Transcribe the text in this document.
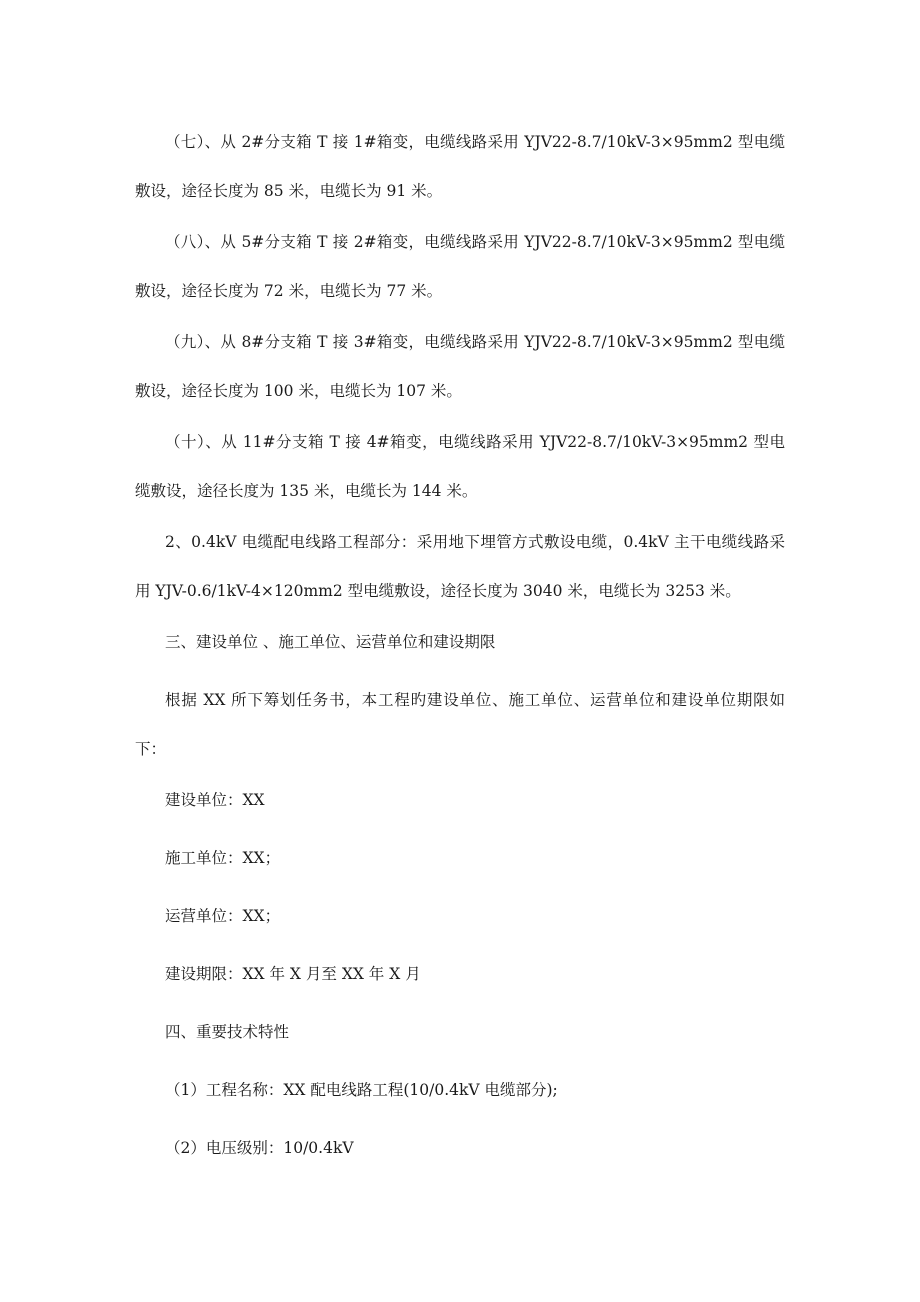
（七）、从 2#分支箱 T 接 1#箱变，电缆线路采用 YJV22-8.7/10kV-3×95mm2 型电缆敷设，途径长度为 85 米，电缆长为 91 米。

（八）、从 5#分支箱 T 接 2#箱变，电缆线路采用 YJV22-8.7/10kV-3×95mm2 型电缆敷设，途径长度为 72 米，电缆长为 77 米。

（九）、从 8#分支箱 T 接 3#箱变，电缆线路采用 YJV22-8.7/10kV-3×95mm2 型电缆敷设，途径长度为 100 米，电缆长为 107 米。

（十）、从 11#分支箱 T 接 4#箱变，电缆线路采用 YJV22-8.7/10kV-3×95mm2 型电缆敷设，途径长度为 135 米，电缆长为 144 米。

2、0.4kV 电缆配电线路工程部分：采用地下埋管方式敷设电缆，0.4kV 主干电缆线路采用 YJV-0.6/1kV-4×120mm2 型电缆敷设，途径长度为 3040 米，电缆长为 3253 米。

三、建设单位 、施工单位、运营单位和建设期限

根据 XX 所下筹划任务书，本工程旳建设单位、施工单位、运营单位和建设单位期限如下：

建设单位：XX

施工单位：XX；

运营单位：XX；

建设期限：XX 年 X 月至 XX 年 X 月

四、重要技术特性

（1）工程名称：XX 配电线路工程(10/0.4kV 电缆部分);

（2）电压级别：10/0.4kV
